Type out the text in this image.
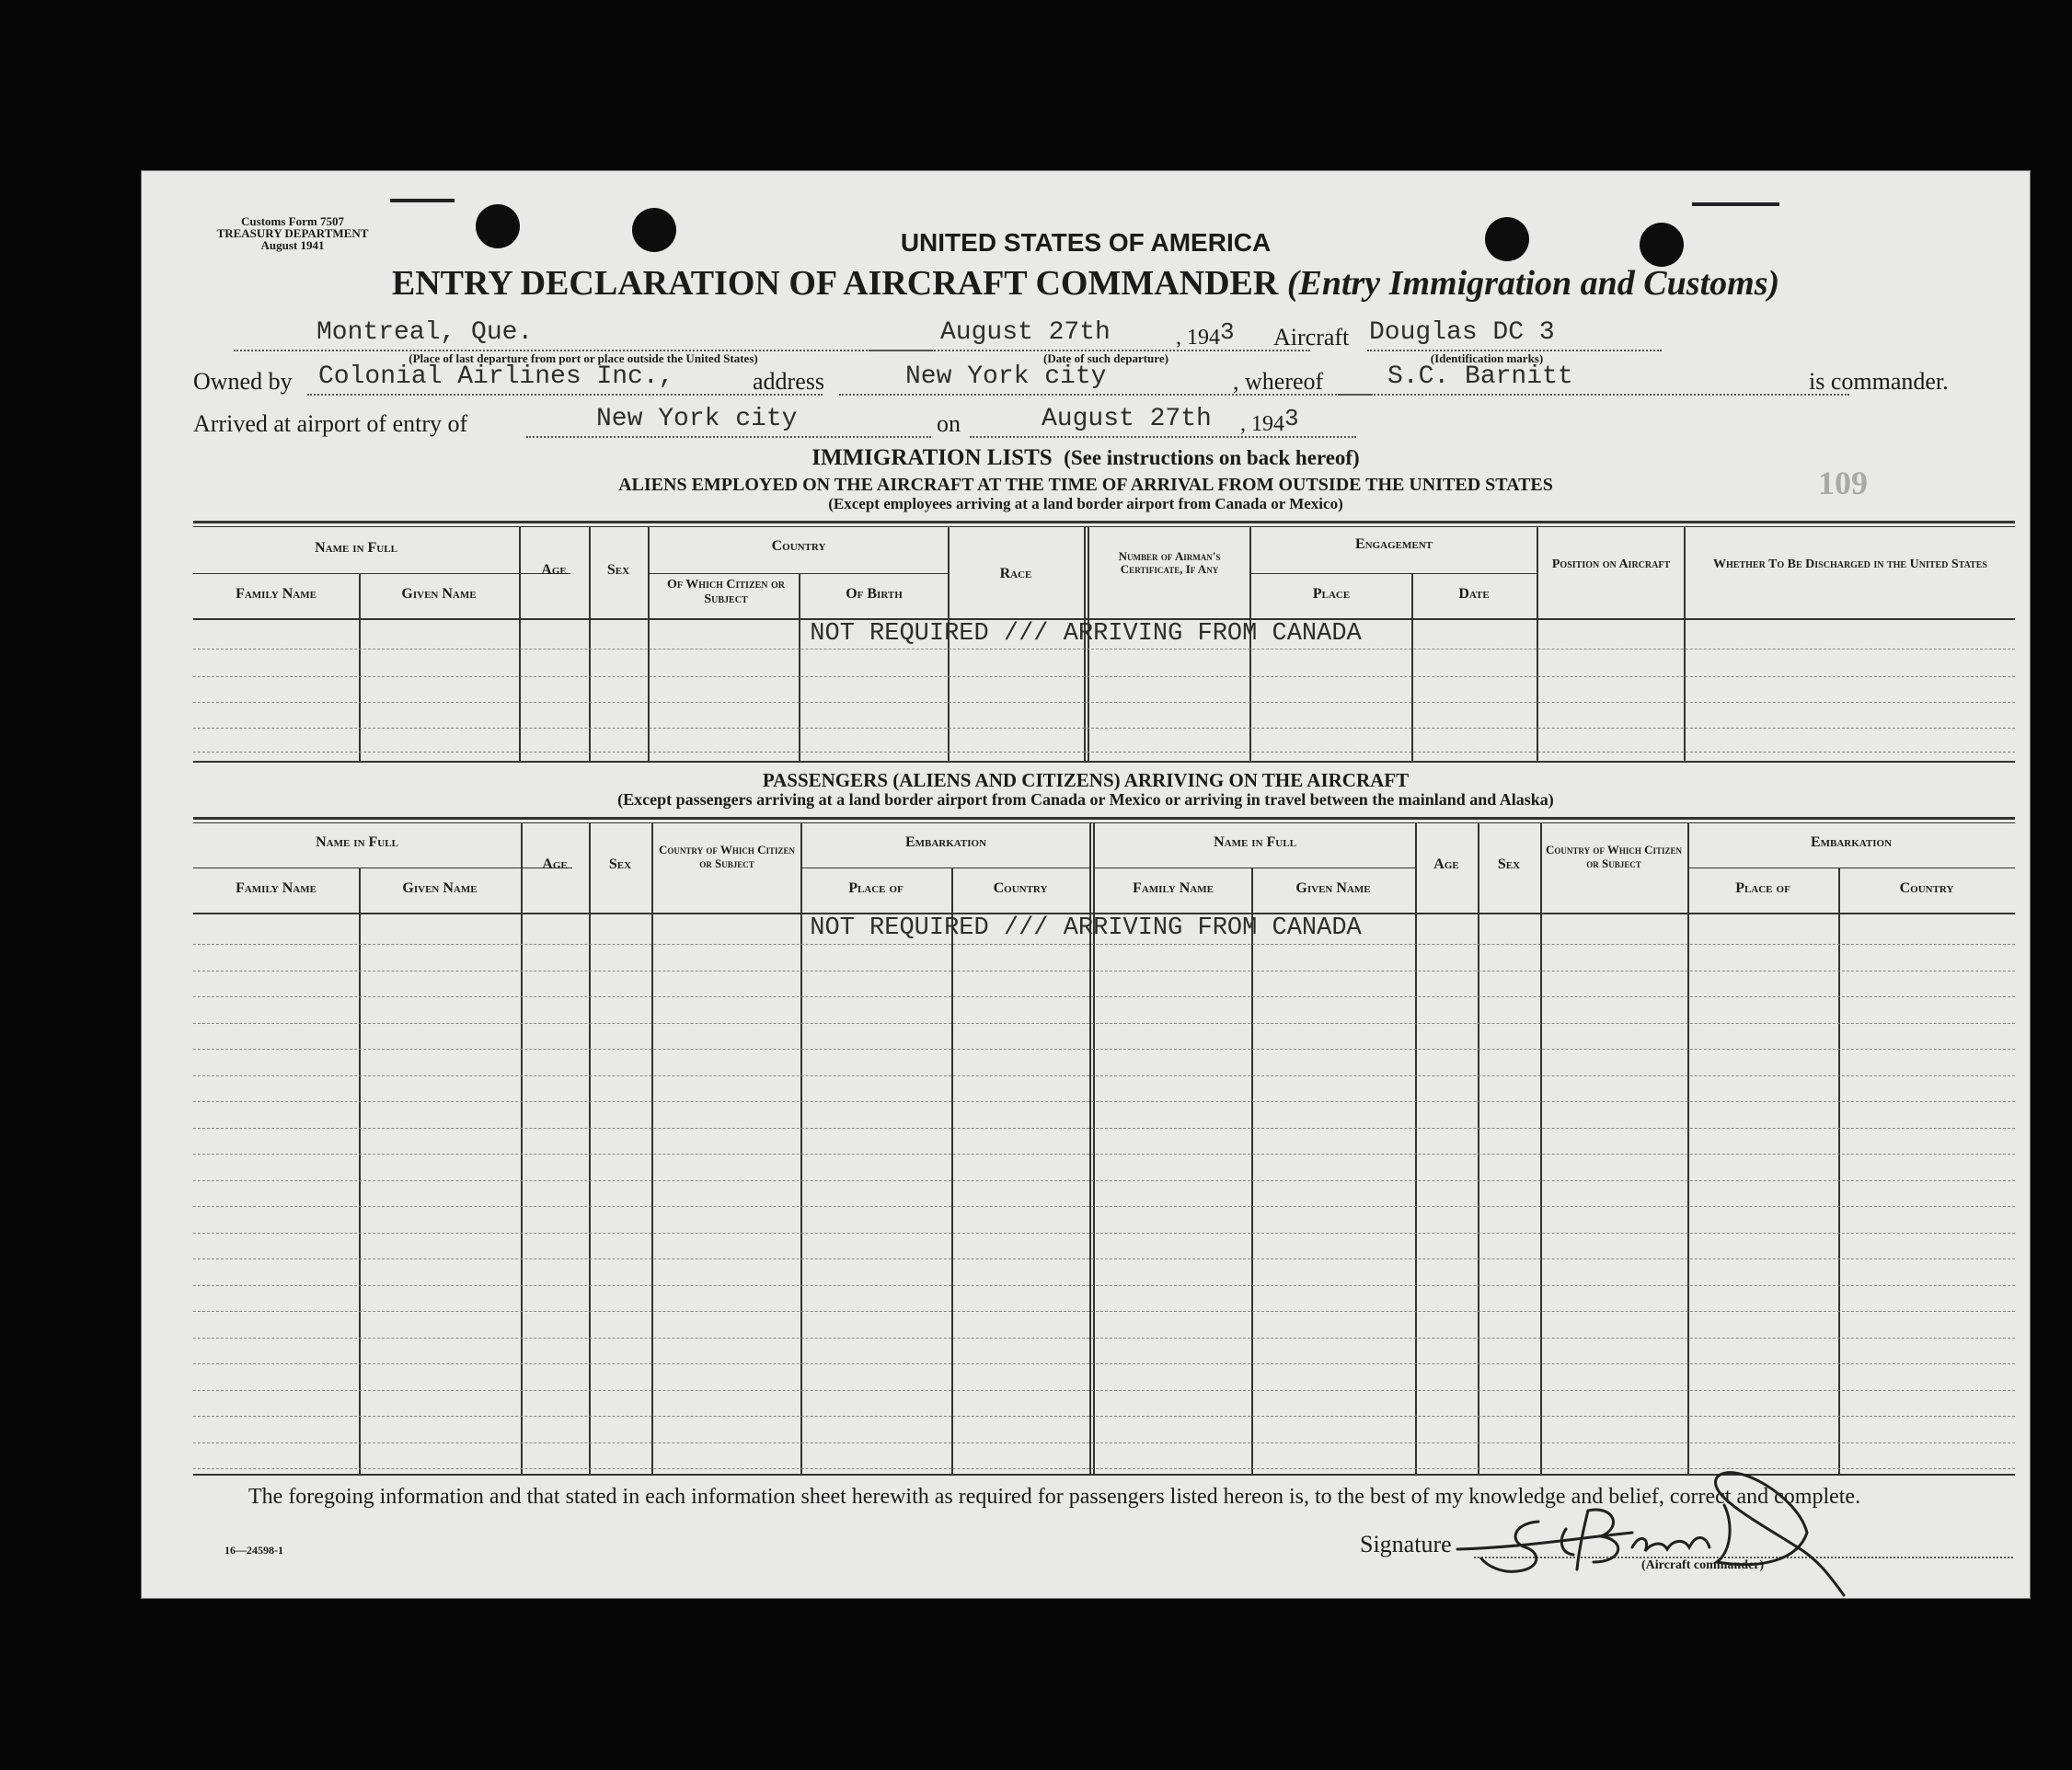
Customs Form 7507
TREASURY DEPARTMENT
August 1941	UNITED STATES OF AMERICA
ENTRY DECLARATION OF AIRCRAFT COMMANDER (Entry Immigration and Customs)
Montreal, Que.
(Place of last departure from port or place outside the United States)
August 27th
(Date of such departure)
, 1943 Aircraft Douglas DC 3
(Identification marks)
Owned by Colonial Airlines Inc.,	address	New York city	, whereof S.C. Barnitt	is commander.
Arrived at airport of entry of	New York city	on	August 27th , 1943
109
IMMIGRATION LISTS (See instructions on back hereof)
ALIENS EMPLOYED ON THE AIRCRAFT AT THE TIME OF ARRIVAL FROM OUTSIDE THE UNITED STATES
(Except employees arriving at a land border airport from Canada or Mexico)
Name in Full
Family Name	Given Name
Age	Sex
Country
Of Which Citizen or Subject	Of Birth
Race
Number of Airman's Certificate, If Any
Engagement
Place	Date
Position on Aircraft	Whether To Be Discharged in the United States
NOT REQUIRED /// ARRIVING FROM CANADA
PASSENGERS (ALIENS AND CITIZENS) ARRIVING ON THE AIRCRAFT
(Except passengers arriving at a land border airport from Canada or Mexico or arriving in travel between the mainland and Alaska)
Name in Full
Family Name	Given Name
Age	Sex
Country of Which Citizen or Subject
Embarkation
Place of	Country
Name in Full
Family Name	Given Name
Age	Sex
Country of Which Citizen or Subject
Embarkation
Place of	Country
NOT REQUIRED /// ARRIVING FROM CANADA
The foregoing information and that stated in each information sheet herewith as required for passengers listed hereon is, to the best of my knowledge and belief, correct and complete.
16—24598-1	Signature
(Aircraft commander)
